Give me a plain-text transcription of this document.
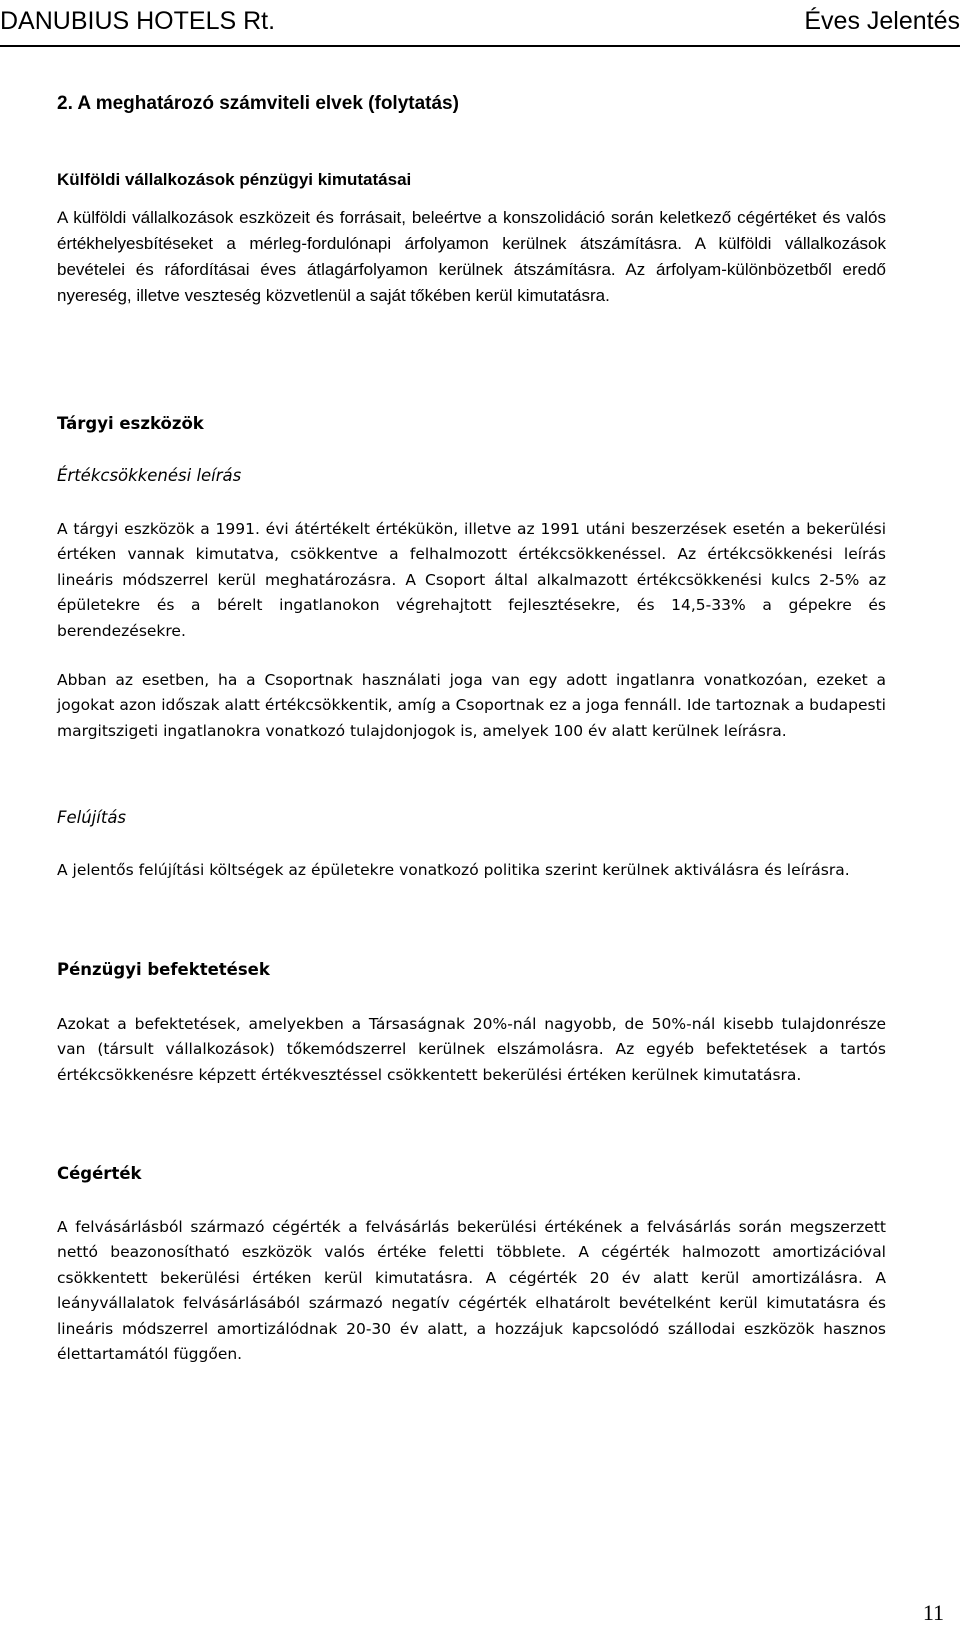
DANUBIUS HOTELS Rt.	Éves Jelentés
2. A meghatározó számviteli elvek (folytatás)
Külföldi vállalkozások pénzügyi kimutatásai

A külföldi vállalkozások eszközeit és forrásait, beleértve a konszolidáció során keletkező cégértéket és valós értékhelyesbítéseket a mérleg-fordulónapi árfolyamon kerülnek átszámításra. A külföldi vállalkozások bevételei és ráfordításai éves átlagárfolyamon kerülnek átszámításra. Az árfolyam-különbözetből eredő nyereség, illetve veszteség közvetlenül a saját tőkében kerül kimutatásra.

Tárgyi eszközök
Értékcsökkenési leírás

A tárgyi eszközök a 1991. évi átértékelt értékükön, illetve az 1991 utáni beszerzések esetén a bekerülési értéken vannak kimutatva, csökkentve a felhalmozott értékcsökkenéssel. Az értékcsökkenési leírás lineáris módszerrel kerül meghatározásra. A Csoport által alkalmazott értékcsökkenési kulcs 2-5% az épületekre és a bérelt ingatlanokon végrehajtott fejlesztésekre, és 14,5-33% a gépekre és berendezésekre.

Abban az esetben, ha a Csoportnak használati joga van egy adott ingatlanra vonatkozóan, ezeket a jogokat azon időszak alatt értékcsökkentik, amíg a Csoportnak ez a joga fennáll. Ide tartoznak a budapesti margitszigeti ingatlanokra vonatkozó tulajdonjogok is, amelyek 100 év alatt kerülnek leírásra.

Felújítás

A jelentős felújítási költségek az épületekre vonatkozó politika szerint kerülnek aktiválásra és leírásra.

Pénzügyi befektetések

Azokat a befektetések, amelyekben a Társaságnak 20%-nál nagyobb, de 50%-nál kisebb tulajdonrésze van (társult vállalkozások) tőkemódszerrel kerülnek elszámolásra. Az egyéb befektetések a tartós értékcsökkenésre képzett értékvesztéssel csökkentett bekerülési értéken kerülnek kimutatásra.

Cégérték

A felvásárlásból származó cégérték a felvásárlás bekerülési értékének a felvásárlás során megszerzett nettó beazonosítható eszközök valós értéke feletti többlete. A cégérték halmozott amortizációval csökkentett bekerülési értéken kerül kimutatásra. A cégérték 20 év alatt kerül amortizálásra. A leányvállalatok felvásárlásából származó negatív cégérték elhatárolt bevételként kerül kimutatásra és lineáris módszerrel amortizálódnak 20-30 év alatt, a hozzájuk kapcsolódó szállodai eszközök hasznos élettartamától függően.

11
